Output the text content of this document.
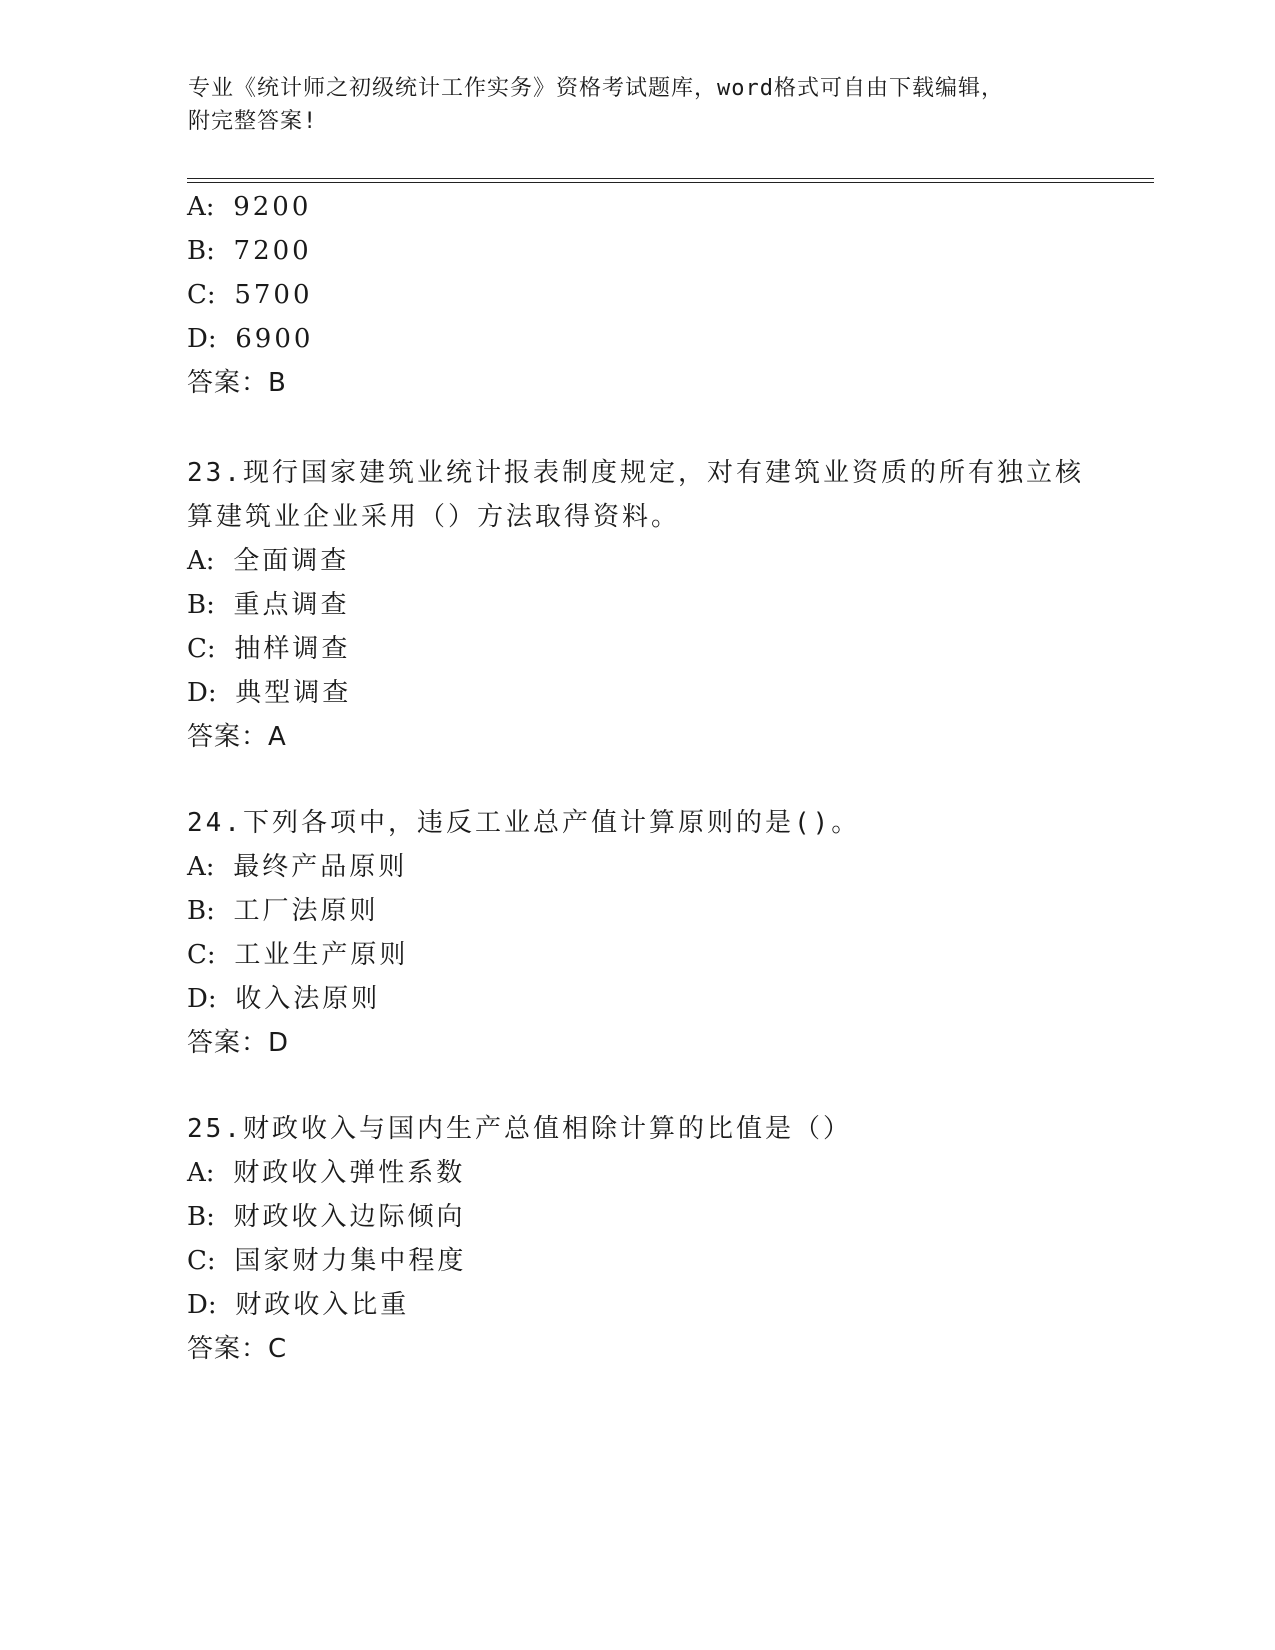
专业《统计师之初级统计工作实务》资格考试题库，word格式可自由下载编辑，
附完整答案!
A: 9200
B: 7200
C: 5700
D: 6900
答案：B
23.现行国家建筑业统计报表制度规定，对有建筑业资质的所有独立核
算建筑业企业采用（）方法取得资料。
A: 全面调查
B: 重点调查
C: 抽样调查
D: 典型调查
答案：A
24.下列各项中，违反工业总产值计算原则的是()。
A: 最终产品原则
B: 工厂法原则
C: 工业生产原则
D: 收入法原则
答案：D
25.财政收入与国内生产总值相除计算的比值是（）
A: 财政收入弹性系数
B: 财政收入边际倾向
C: 国家财力集中程度
D: 财政收入比重
答案：C
